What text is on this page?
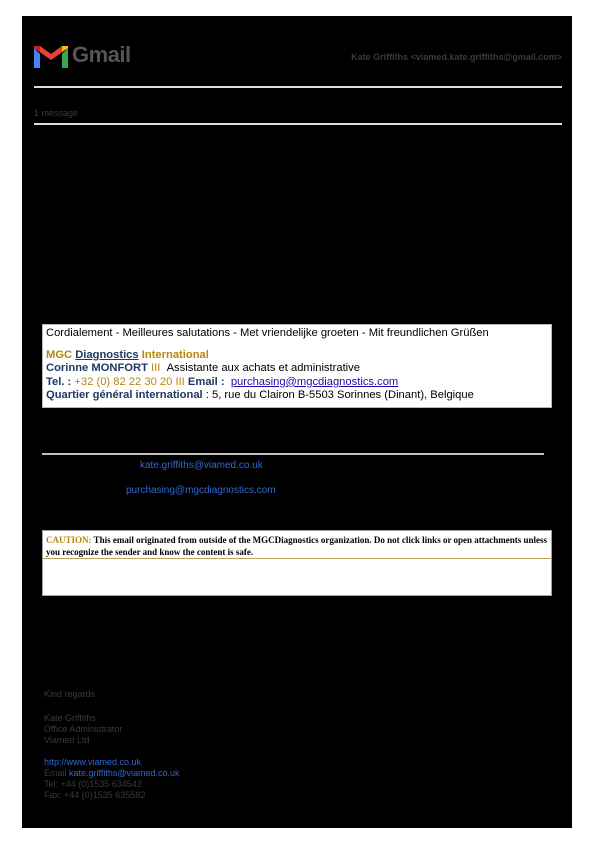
Gmail	Kate Griffiths <viamed.kate.griffiths@gmail.com>
1 message
Cordialement - Meilleures salutations - Met vriendelijke groeten - Mit freundlichen Grüßen
MGC Diagnostics International
Corinne MONFORT III Assistante aux achats et administrative
Tel. : +32 (0) 82 22 30 20 III Email : purchasing@mgcdiagnostics.com
Quartier général international : 5, rue du Clairon B-5503 Sorinnes (Dinant), Belgique
kate.griffiths@viamed.co.uk
purchasing@mgcdiagnostics.com
CAUTION: This email originated from outside of the MGCDiagnostics organization. Do not click links or open attachments unless you recognize the sender and know the content is safe.
Kind regards
Kate Griffiths
Office Administrator
Viamed Ltd
http://www.viamed.co.uk
Email kate.griffiths@viamed.co.uk
Tel: +44 (0)1535 634542
Fax: +44 (0)1535 635582
